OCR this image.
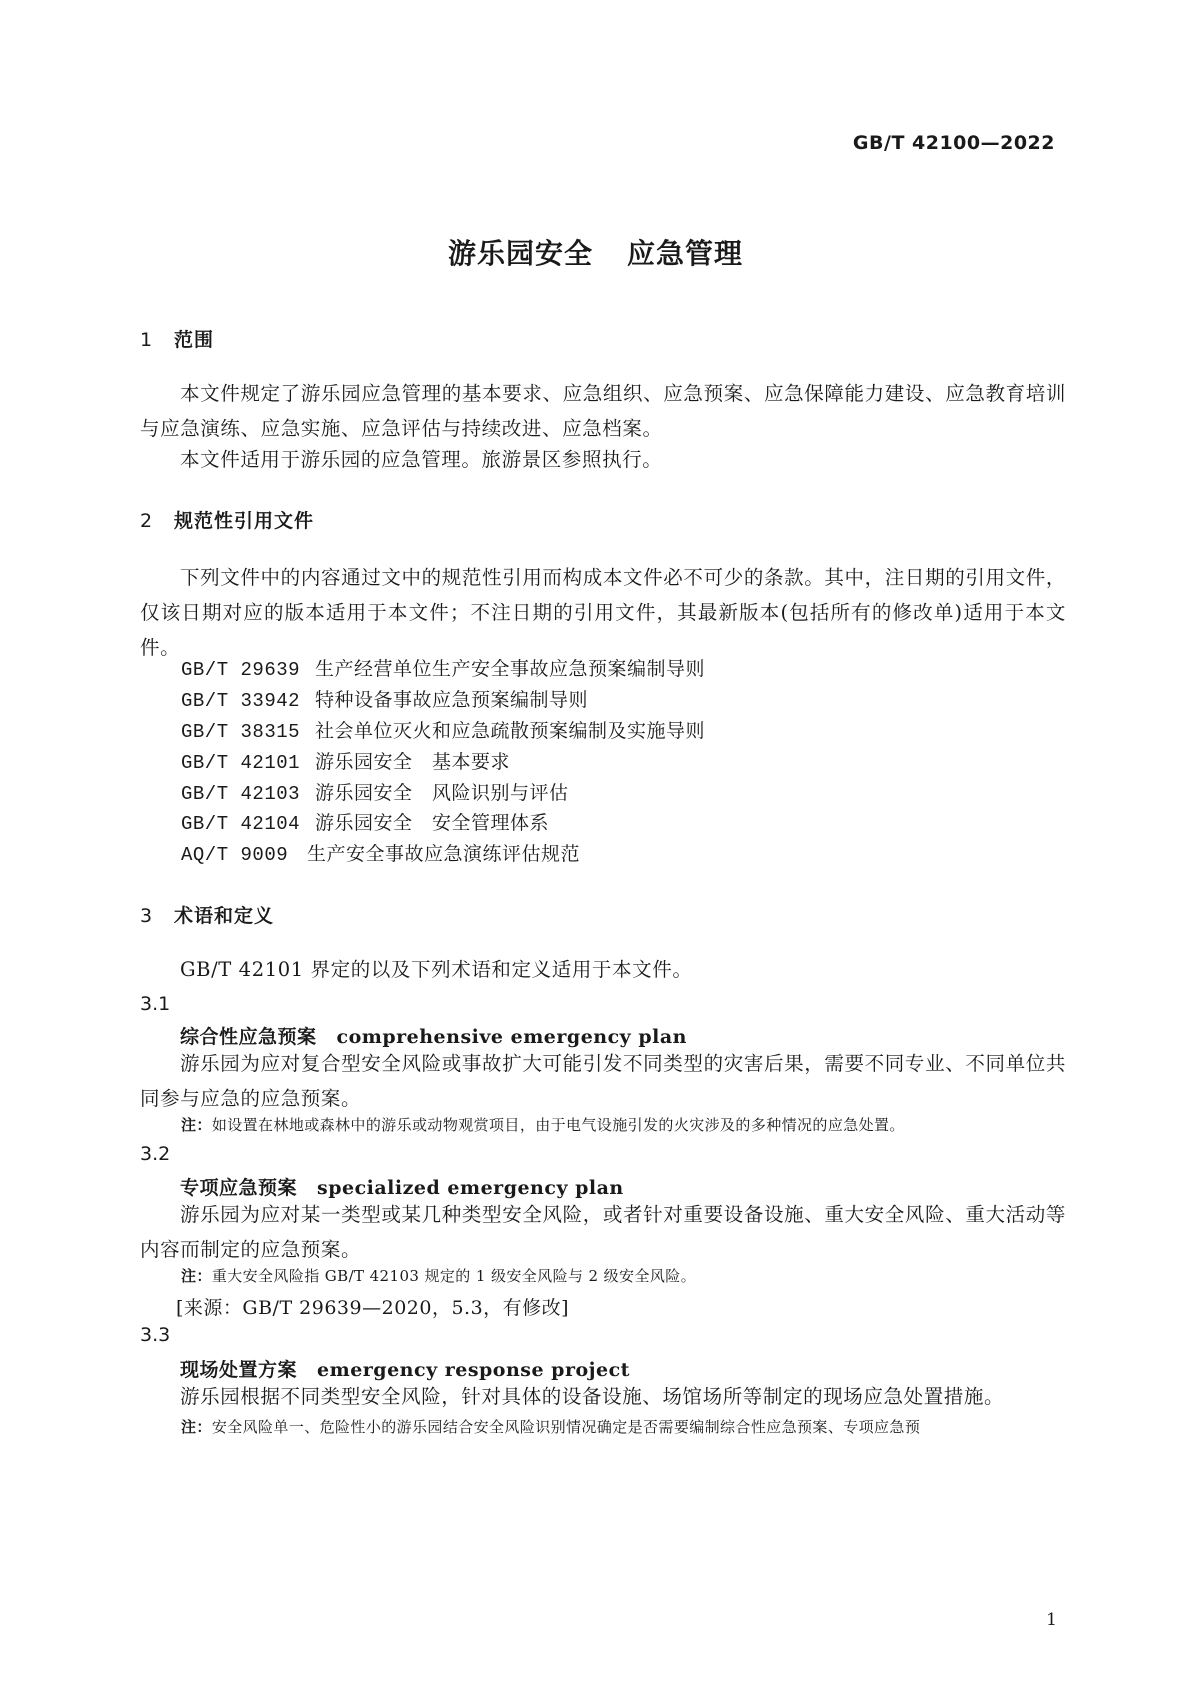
GB/T 42100—2022
游乐园安全 应急管理
1 范围
本文件规定了游乐园应急管理的基本要求、应急组织、应急预案、应急保障能力建设、应急教育培训与应急演练、应急实施、应急评估与持续改进、应急档案。
本文件适用于游乐园的应急管理。旅游景区参照执行。
2 规范性引用文件
下列文件中的内容通过文中的规范性引用而构成本文件必不可少的条款。其中，注日期的引用文件，仅该日期对应的版本适用于本文件；不注日期的引用文件，其最新版本(包括所有的修改单)适用于本文件。
GB/T 29639 生产经营单位生产安全事故应急预案编制导则
GB/T 33942 特种设备事故应急预案编制导则
GB/T 38315 社会单位灭火和应急疏散预案编制及实施导则
GB/T 42101 游乐园安全　基本要求
GB/T 42103 游乐园安全　风险识别与评估
GB/T 42104 游乐园安全　安全管理体系
AQ/T 9009 生产安全事故应急演练评估规范
3 术语和定义
GB/T 42101 界定的以及下列术语和定义适用于本文件。
3.1
综合性应急预案 comprehensive emergency plan
游乐园为应对复合型安全风险或事故扩大可能引发不同类型的灾害后果，需要不同专业、不同单位共同参与应急的应急预案。
注：如设置在林地或森林中的游乐或动物观赏项目，由于电气设施引发的火灾涉及的多种情况的应急处置。
3.2
专项应急预案 specialized emergency plan
游乐园为应对某一类型或某几种类型安全风险，或者针对重要设备设施、重大安全风险、重大活动等内容而制定的应急预案。
注：重大安全风险指 GB/T 42103 规定的 1 级安全风险与 2 级安全风险。
[来源：GB/T 29639—2020，5.3，有修改]
3.3
现场处置方案 emergency response project
游乐园根据不同类型安全风险，针对具体的设备设施、场馆场所等制定的现场应急处置措施。
注：安全风险单一、危险性小的游乐园结合安全风险识别情况确定是否需要编制综合性应急预案、专项应急预
1
